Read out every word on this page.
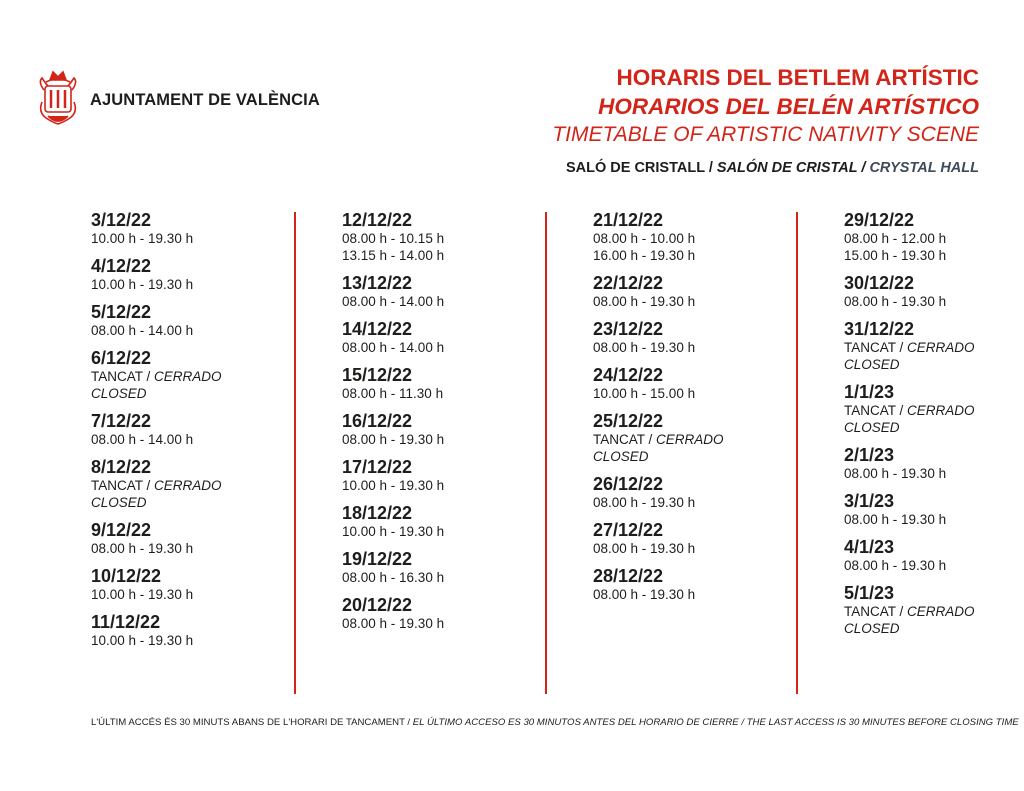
AJUNTAMENT DE VALÈNCIA
HORARIS DEL BETLEM ARTÍSTIC
HORARIOS DEL BELÉN ARTÍSTICO
TIMETABLE OF ARTISTIC NATIVITY SCENE
SALÓ DE CRISTALL / SALÓN DE CRISTAL / CRYSTAL HALL
3/12/22
10.00 h - 19.30 h
4/12/22
10.00 h - 19.30 h
5/12/22
08.00 h - 14.00 h
6/12/22
TANCAT / CERRADO
CLOSED
7/12/22
08.00 h - 14.00 h
8/12/22
TANCAT / CERRADO
CLOSED
9/12/22
08.00 h - 19.30 h
10/12/22
10.00 h - 19.30 h
11/12/22
10.00 h - 19.30 h
12/12/22
08.00 h - 10.15 h
13.15 h - 14.00 h
13/12/22
08.00 h - 14.00 h
14/12/22
08.00 h - 14.00 h
15/12/22
08.00 h - 11.30 h
16/12/22
08.00 h - 19.30 h
17/12/22
10.00 h - 19.30 h
18/12/22
10.00 h - 19.30 h
19/12/22
08.00 h - 16.30 h
20/12/22
08.00 h - 19.30 h
21/12/22
08.00 h - 10.00 h
16.00 h - 19.30 h
22/12/22
08.00 h - 19.30 h
23/12/22
08.00 h - 19.30 h
24/12/22
10.00 h - 15.00 h
25/12/22
TANCAT / CERRADO
CLOSED
26/12/22
08.00 h - 19.30 h
27/12/22
08.00 h - 19.30 h
28/12/22
08.00 h - 19.30 h
29/12/22
08.00 h - 12.00 h
15.00 h - 19.30 h
30/12/22
08.00 h - 19.30 h
31/12/22
TANCAT / CERRADO
CLOSED
1/1/23
TANCAT / CERRADO
CLOSED
2/1/23
08.00 h - 19.30 h
3/1/23
08.00 h - 19.30 h
4/1/23
08.00 h - 19.30 h
5/1/23
TANCAT / CERRADO
CLOSED
L'ÚLTIM ACCÉS ÉS 30 MINUTS ABANS DE L'HORARI DE TANCAMENT / EL ÚLTIMO ACCESO ES 30 MINUTOS ANTES DEL HORARIO DE CIERRE / THE LAST ACCESS IS 30 MINUTES BEFORE CLOSING TIME
